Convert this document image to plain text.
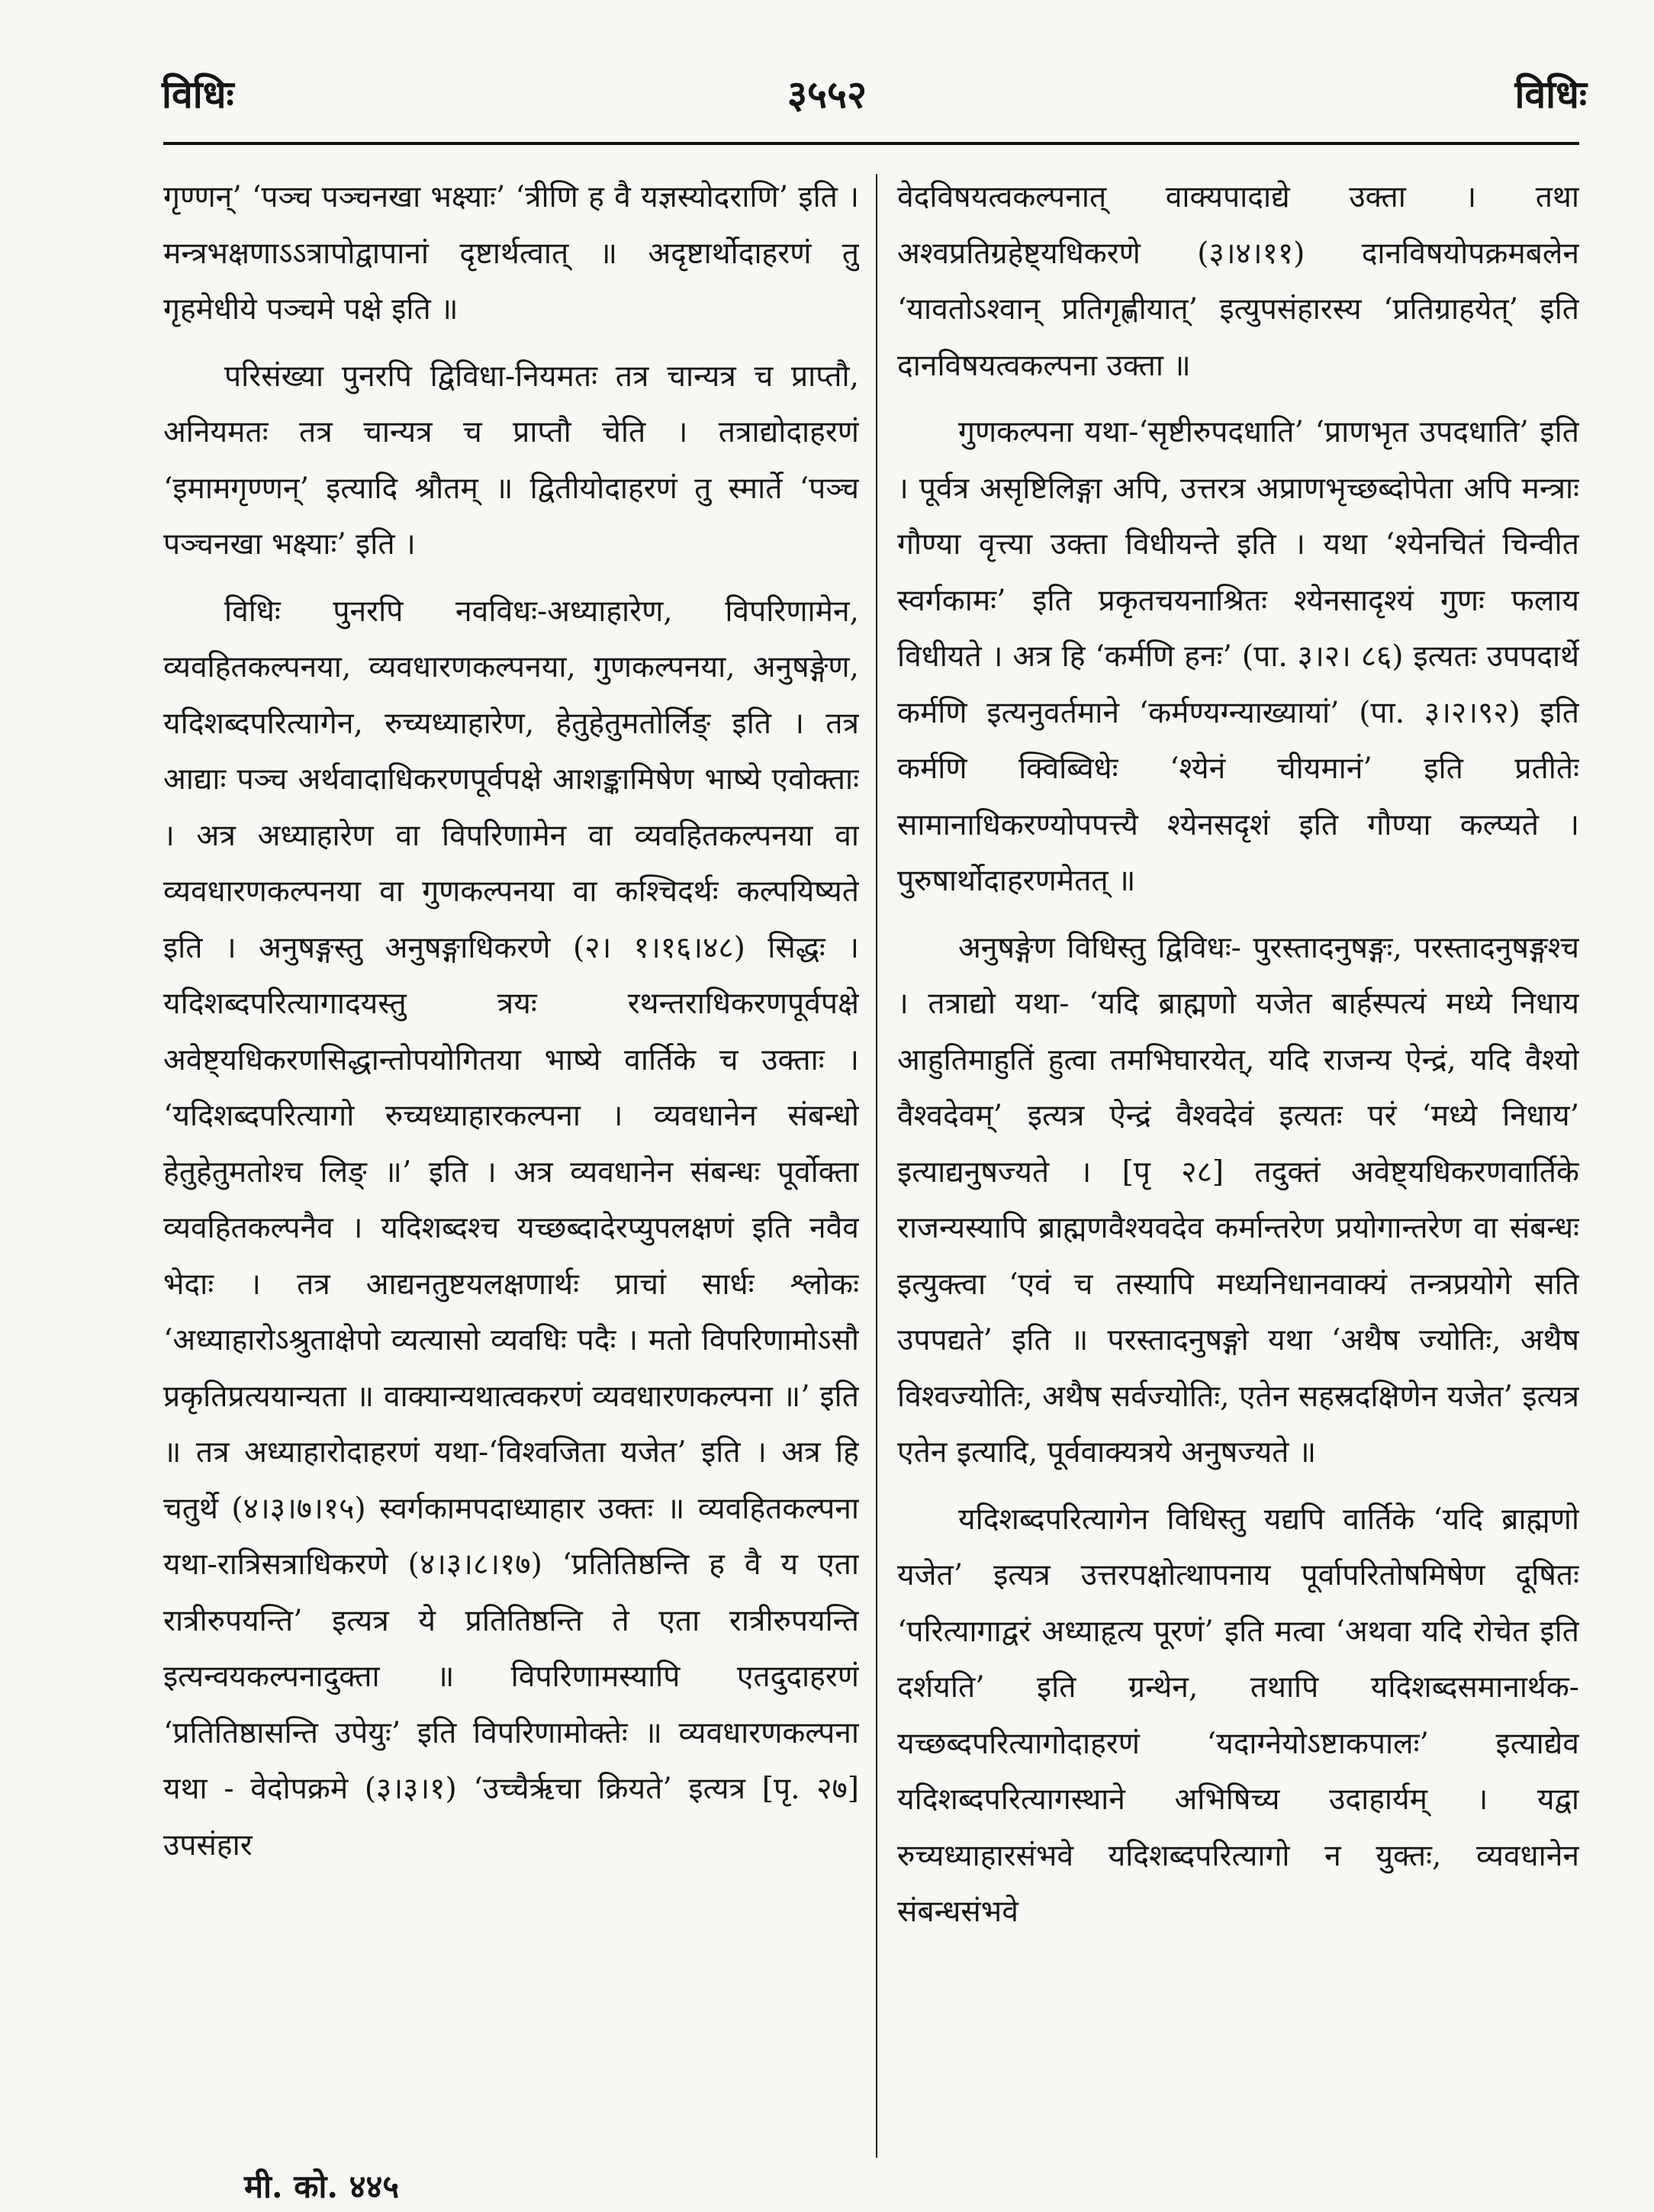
विधिः	३५५२	विधिः

गृण्णन्’ ‘पञ्च पञ्चनखा भक्ष्याः’ ‘त्रीणि ह वै यज्ञस्योदराणि’ इति । मन्त्रभक्षणाऽऽत्रापोद्वापानां दृष्टार्थत्वात् ॥ अदृष्टार्थोदाहरणं तु गृहमेधीये पञ्चमे पक्षे इति ॥

परिसंख्या पुनरपि द्विविधा-नियमतः तत्र चान्यत्र च प्राप्तौ, अनियमतः तत्र चान्यत्र च प्राप्तौ चेति । तत्राद्योदाहरणं ‘इमामगृण्णन्’ इत्यादि श्रौतम् ॥ द्वितीयोदाहरणं तु स्मार्ते ‘पञ्च पञ्चनखा भक्ष्याः’ इति ।

विधिः पुनरपि नवविधः-अध्याहारेण, विपरिणामेन, व्यवहितकल्पनया, व्यवधारणकल्पनया, गुणकल्पनया, अनुषङ्गेण, यदिशब्दपरित्यागेन, रुच्यध्याहारेण, हेतुहेतुमतोर्लिङ् इति । तत्र आद्याः पञ्च अर्थवादाधिकरणपूर्वपक्षे आशङ्कामिषेण भाष्ये एवोक्ताः । अत्र अध्याहारेण वा विपरिणामेन वा व्यवहितकल्पनया वा व्यवधारणकल्पनया वा गुणकल्पनया वा कश्चिदर्थः कल्पयिष्यते इति । अनुषङ्गस्तु अनुषङ्गाधिकरणे (२। १।१६।४८) सिद्धः । यदिशब्दपरित्यागादयस्तु त्रयः रथन्तराधिकरणपूर्वपक्षे अवेष्ट्यधिकरणसिद्धान्तोपयोगितया भाष्ये वार्तिके च उक्ताः । ‘यदिशब्दपरित्यागो रुच्यध्याहारकल्पना । व्यवधानेन संबन्धो हेतुहेतुमतोश्च लिङ् ॥’ इति । अत्र व्यवधानेन संबन्धः पूर्वोक्ता व्यवहितकल्पनैव । यदिशब्दश्च यच्छब्दादेरप्युपलक्षणं इति नवैव भेदाः । तत्र आद्यनतुष्टयलक्षणार्थः प्राचां सार्धः श्लोकः ‘अध्याहारोऽश्रुताक्षेपो व्यत्यासो व्यवधिः पदैः । मतो विपरिणामोऽसौ प्रकृतिप्रत्ययान्यता ॥ वाक्यान्यथात्वकरणं व्यवधारणकल्पना ॥’ इति ॥ तत्र अध्याहारोदाहरणं यथा-‘विश्वजिता यजेत’ इति । अत्र हि चतुर्थे (४।३।७।१५) स्वर्गकामपदाध्याहार उक्तः ॥ व्यवहितकल्पना यथा-रात्रिसत्राधिकरणे (४।३।८।१७) ‘प्रतितिष्ठन्ति ह वै य एता रात्रीरुपयन्ति’ इत्यत्र ये प्रतितिष्ठन्ति ते एता रात्रीरुपयन्ति इत्यन्वयकल्पनादुक्ता ॥ विपरिणामस्यापि एतदुदाहरणं ‘प्रतितिष्ठासन्ति उपेयुः’ इति विपरिणामोक्तेः ॥ व्यवधारणकल्पना यथा - वेदोपक्रमे (३।३।१) ‘उच्चैर्ऋचा क्रियते’ इत्यत्र [पृ. २७] उपसंहार

वेदविषयत्वकल्पनात् वाक्यपादाद्ये उक्ता । तथा अश्वप्रतिग्रहेष्ट्यधिकरणे (३।४।११) दानविषयोपक्रमबलेन ‘यावतोऽश्वान् प्रतिगृह्णीयात्’ इत्युपसंहारस्य ‘प्रतिग्राहयेत्’ इति दानविषयत्वकल्पना उक्ता ॥

गुणकल्पना यथा-‘सृष्टीरुपदधाति’ ‘प्राणभृत उपदधाति’ इति । पूर्वत्र असृष्टिलिङ्गा अपि, उत्तरत्र अप्राणभृच्छब्दोपेता अपि मन्त्राः गौण्या वृत्त्या उक्ता विधीयन्ते इति । यथा ‘श्येनचितं चिन्वीत स्वर्गकामः’ इति प्रकृतचयनाश्रितः श्येनसादृश्यं गुणः फलाय विधीयते । अत्र हि ‘कर्मणि हनः’ (पा. ३।२। ८६) इत्यतः उपपदार्थे कर्मणि इत्यनुवर्तमाने ‘कर्मण्यग्न्याख्यायां’ (पा. ३।२।९२) इति कर्मणि क्विब्विधेः ‘श्येनं चीयमानं’ इति प्रतीतेः सामानाधिकरण्योपपत्त्यै श्येनसदृशं इति गौण्या कल्प्यते । पुरुषार्थोदाहरणमेतत् ॥

अनुषङ्गेण विधिस्तु द्विविधः- पुरस्तादनुषङ्गः, परस्तादनुषङ्गश्च । तत्राद्यो यथा- ‘यदि ब्राह्मणो यजेत बार्हस्पत्यं मध्ये निधाय आहुतिमाहुतिं हुत्वा तमभिघारयेत्, यदि राजन्य ऐन्द्रं, यदि वैश्यो वैश्वदेवम्’ इत्यत्र ऐन्द्रं वैश्वदेवं इत्यतः परं ‘मध्ये निधाय’ इत्याद्यनुषज्यते । [पृ २८] तदुक्तं अवेष्ट्यधिकरणवार्तिके राजन्यस्यापि ब्राह्मणवैश्यवदेव कर्मान्तरेण प्रयोगान्तरेण वा संबन्धः इत्युक्त्वा ‘एवं च तस्यापि मध्यनिधानवाक्यं तन्त्रप्रयोगे सति उपपद्यते’ इति ॥ परस्तादनुषङ्गो यथा ‘अथैष ज्योतिः, अथैष विश्वज्योतिः, अथैष सर्वज्योतिः, एतेन सहस्रदक्षिणेन यजेत’ इत्यत्र एतेन इत्यादि, पूर्ववाक्यत्रये अनुषज्यते ॥

यदिशब्दपरित्यागेन विधिस्तु यद्यपि वार्तिके ‘यदि ब्राह्मणो यजेत’ इत्यत्र उत्तरपक्षोत्थापनाय पूर्वापरितोषमिषेण दूषितः ‘परित्यागाद्वरं अध्याहृत्य पूरणं’ इति मत्वा ‘अथवा यदि रोचेत इति दर्शयति’ इति ग्रन्थेन, तथापि यदिशब्दसमानार्थक-यच्छब्दपरित्यागोदाहरणं ‘यदाग्नेयोऽष्टाकपालः’ इत्याद्येव यदिशब्दपरित्यागस्थाने अभिषिच्य उदाहार्यम् । यद्वा रुच्यध्याहारसंभवे यदिशब्दपरित्यागो न युक्तः, व्यवधानेन संबन्धसंभवे

मी. को. ४४५
